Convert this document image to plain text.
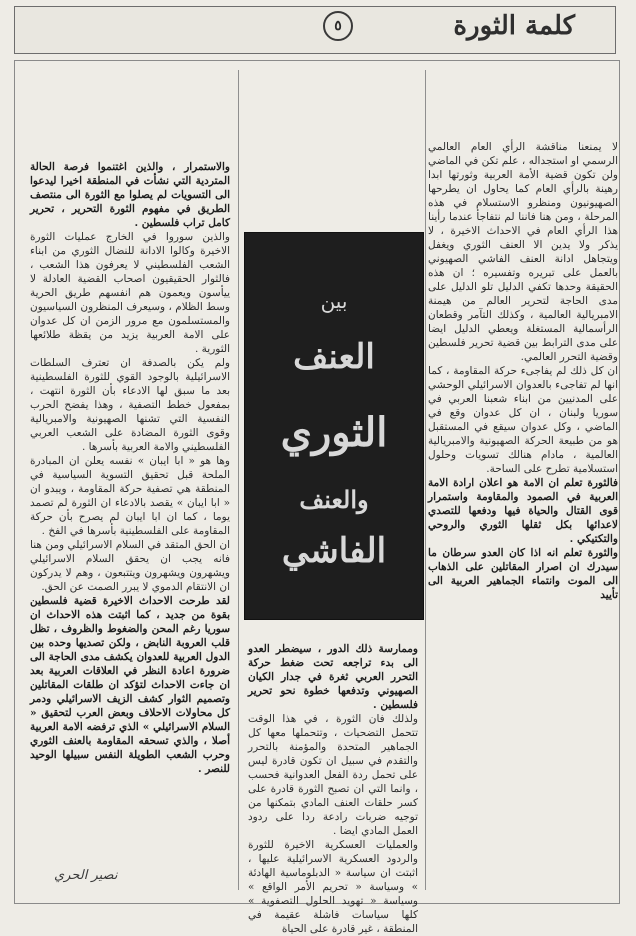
كلمة الثورة
٥

لا يمنعنا مناقشة الرأي العام العالمي الرسمي او استجداله ، علم تكن في الماضي ولن تكون قضية الأمة العربية وثورتها ابدا رهينة بالرأي العام كما يحاول ان يطرحها الصهيونيون ومنظرو الاستسلام في هذه المرحلة ، ومن هنا فاننا لم نتفاجأ عندما رأينا هذا الرأي العام في الاحداث الاخيرة ، لا يذكر ولا يدين الا العنف الثوري ويغفل ويتجاهل ادانة العنف الفاشي الصهيوني بالعمل على تبريره وتفسيره ؛ ان هذه الحقيقة وحدها تكفي الدليل تلو الدليل على مدى الحاجة لتحرير العالم من هيمنة الامبريالية العالمية ، وكذلك التآمر وقطعان الرأسمالية المستغلة ويعطي الدليل ايضا على مدى الترابط بين قضية تحرير فلسطين وقضية التحرر العالمي.

ان كل ذلك لم يفاجىء حركة المقاومة ، كما انها لم تفاجىء بالعدوان الاسرائيلي الوحشي على المدنيين من ابناء شعبنا العربي في سوريا ولبنان ، ان كل عدوان وقع في الماضي ، وكل عدوان سيقع في المستقبل هو من طبيعة الحركة الصهيونية والامبريالية العالمية ، مادام هنالك تسويات وحلول استسلامية تطرح على الساحة.

فالثورة تعلم ان الامة هو اعلان ارادة الامة العربية في الصمود والمقاومة واستمرار قوى القتال والحياة فيها ودفعها للتصدي لاعدائها بكل ثقلها الثوري والروحي والتكتيكي .

والثورة تعلم انه اذا كان العدو سرطان ما سيدرك ان اصرار المقاتلين على الذهاب الى الموت وانتماء الجماهير العربية الى تأييد

بين
العنف
الثوري
والعنف
الفاشي

وممارسة ذلك الدور ، سيضطر العدو الى بدء تراجعه تحت ضغط حركة التحرر العربي ثغرة في جدار الكيان الصهيوني وتدفعها خطوة نحو تحرير فلسطين .

ولذلك فان الثورة ، في هذا الوقت تتحمل التضحيات ، وتتحملها معها كل الجماهير المتحدة والمؤمنة بالتحرر والتقدم في سبيل ان تكون قادرة ليس على تحمل ردة الفعل العدوانية فحسب ، وانما التي ان تصبح الثورة قادرة على كسر حلقات العنف المادي بتمكنها من توجيه ضربات رادعة ردا على ردود العمل المادي ايضا .

والعمليات العسكرية الاخيرة للثورة والردود العسكرية الاسرائيلية عليها ، اثبتت ان سياسة « الدبلوماسية الهادئة » وسياسة « تحريم الأمر الواقع » وسياسة « تهويد الحلول التصفوية » كلها سياسات فاشلة عقيمة في المنطقة ، غير قادرة على الحياة

والاستمرار ، والذين اغتنموا فرصة الحالة المتردية التي نشأت في المنطقة اخيرا ليدعوا الى التسويات لم يصلوا مع الثورة الى منتصف الطريق في مفهوم الثورة التحرير ، تحرير كامل تراب فلسطين .

والذين سوروا في الخارج عمليات الثورة الاخيرة وكالوا الادانة للنضال الثوري من ابناء الشعب الفلسطيني لا يعرفون هذا الشعب ، فالثوار الحقيقيون اصحاب القضية العادلة لا ييأسون ويعمون هم انفسهم طريق الحرية وسط الظلام ، وسيعرف المنظرون السياسيون والمستسلمون مع مرور الزمن ان كل عدوان على الامة العربية يزيد من يقظة طلائعها الثورية .

ولم يكن بالصدفة ان تعترف السلطات الاسرائيلية بالوجود القوي للثورة الفلسطينية بعد ما سبق لها الادعاء بأن الثورة انتهت ، بمفعول خطط التصفية ، وهذا يفضح الحرب النفسية التي تشنها الصهيونية والامبريالية وقوى الثورة المضادة على الشعب العربي الفلسطيني والامة العربية بأسرها .

وها هو « ابا ايبان » نفسه يعلن ان المبادرة الملحة قبل تحقيق التسوية السياسية في المنطقة هي تصفية حركة المقاومة ، ويبدو ان « ابا ايبان » يقصد بالادعاء ان الثورة لم تصمد يوما ، كما ان ابا ايبان لم يصرح بأن حركة المقاومة على الفلسطينية بأسرها في الفخ .

ان الحق المتقد في السلام الاسرائيلي ومن هنا فانه يجب ان يحقق السلام الاسرائيلي ويشهرون ويشهرون ويتتبعون ، وهم لا يدركون ان الانتقام الدموي لا يبرر الصمت عن الحق.

لقد طرحت الاحداث الاخيرة قضية فلسطين بقوة من جديد ، كما اثبتت هذه الاحداث ان سوريا رغم المحن والضغوط والظروف ، تظل قلب العروبة النابض ، ولكن تصديها وحده بين الدول العربية للعدوان يكشف مدى الحاجة الى ضرورة اعادة النظر في العلاقات العربية بعد ان جاءت الاحداث لتؤكد ان طلقات المقاتلين وتصميم الثوار كشف الزيف الاسرائيلي ودمر كل محاولات الاحلاف وبعض العرب لتحقيق « السلام الاسرائيلي » الذي ترفضه الامة العربية أصلا ، والذي تسحقه المقاومة بالعنف الثوري وحرب الشعب الطويلة النفس سبيلها الوحيد للنصر .

نصير الحري
